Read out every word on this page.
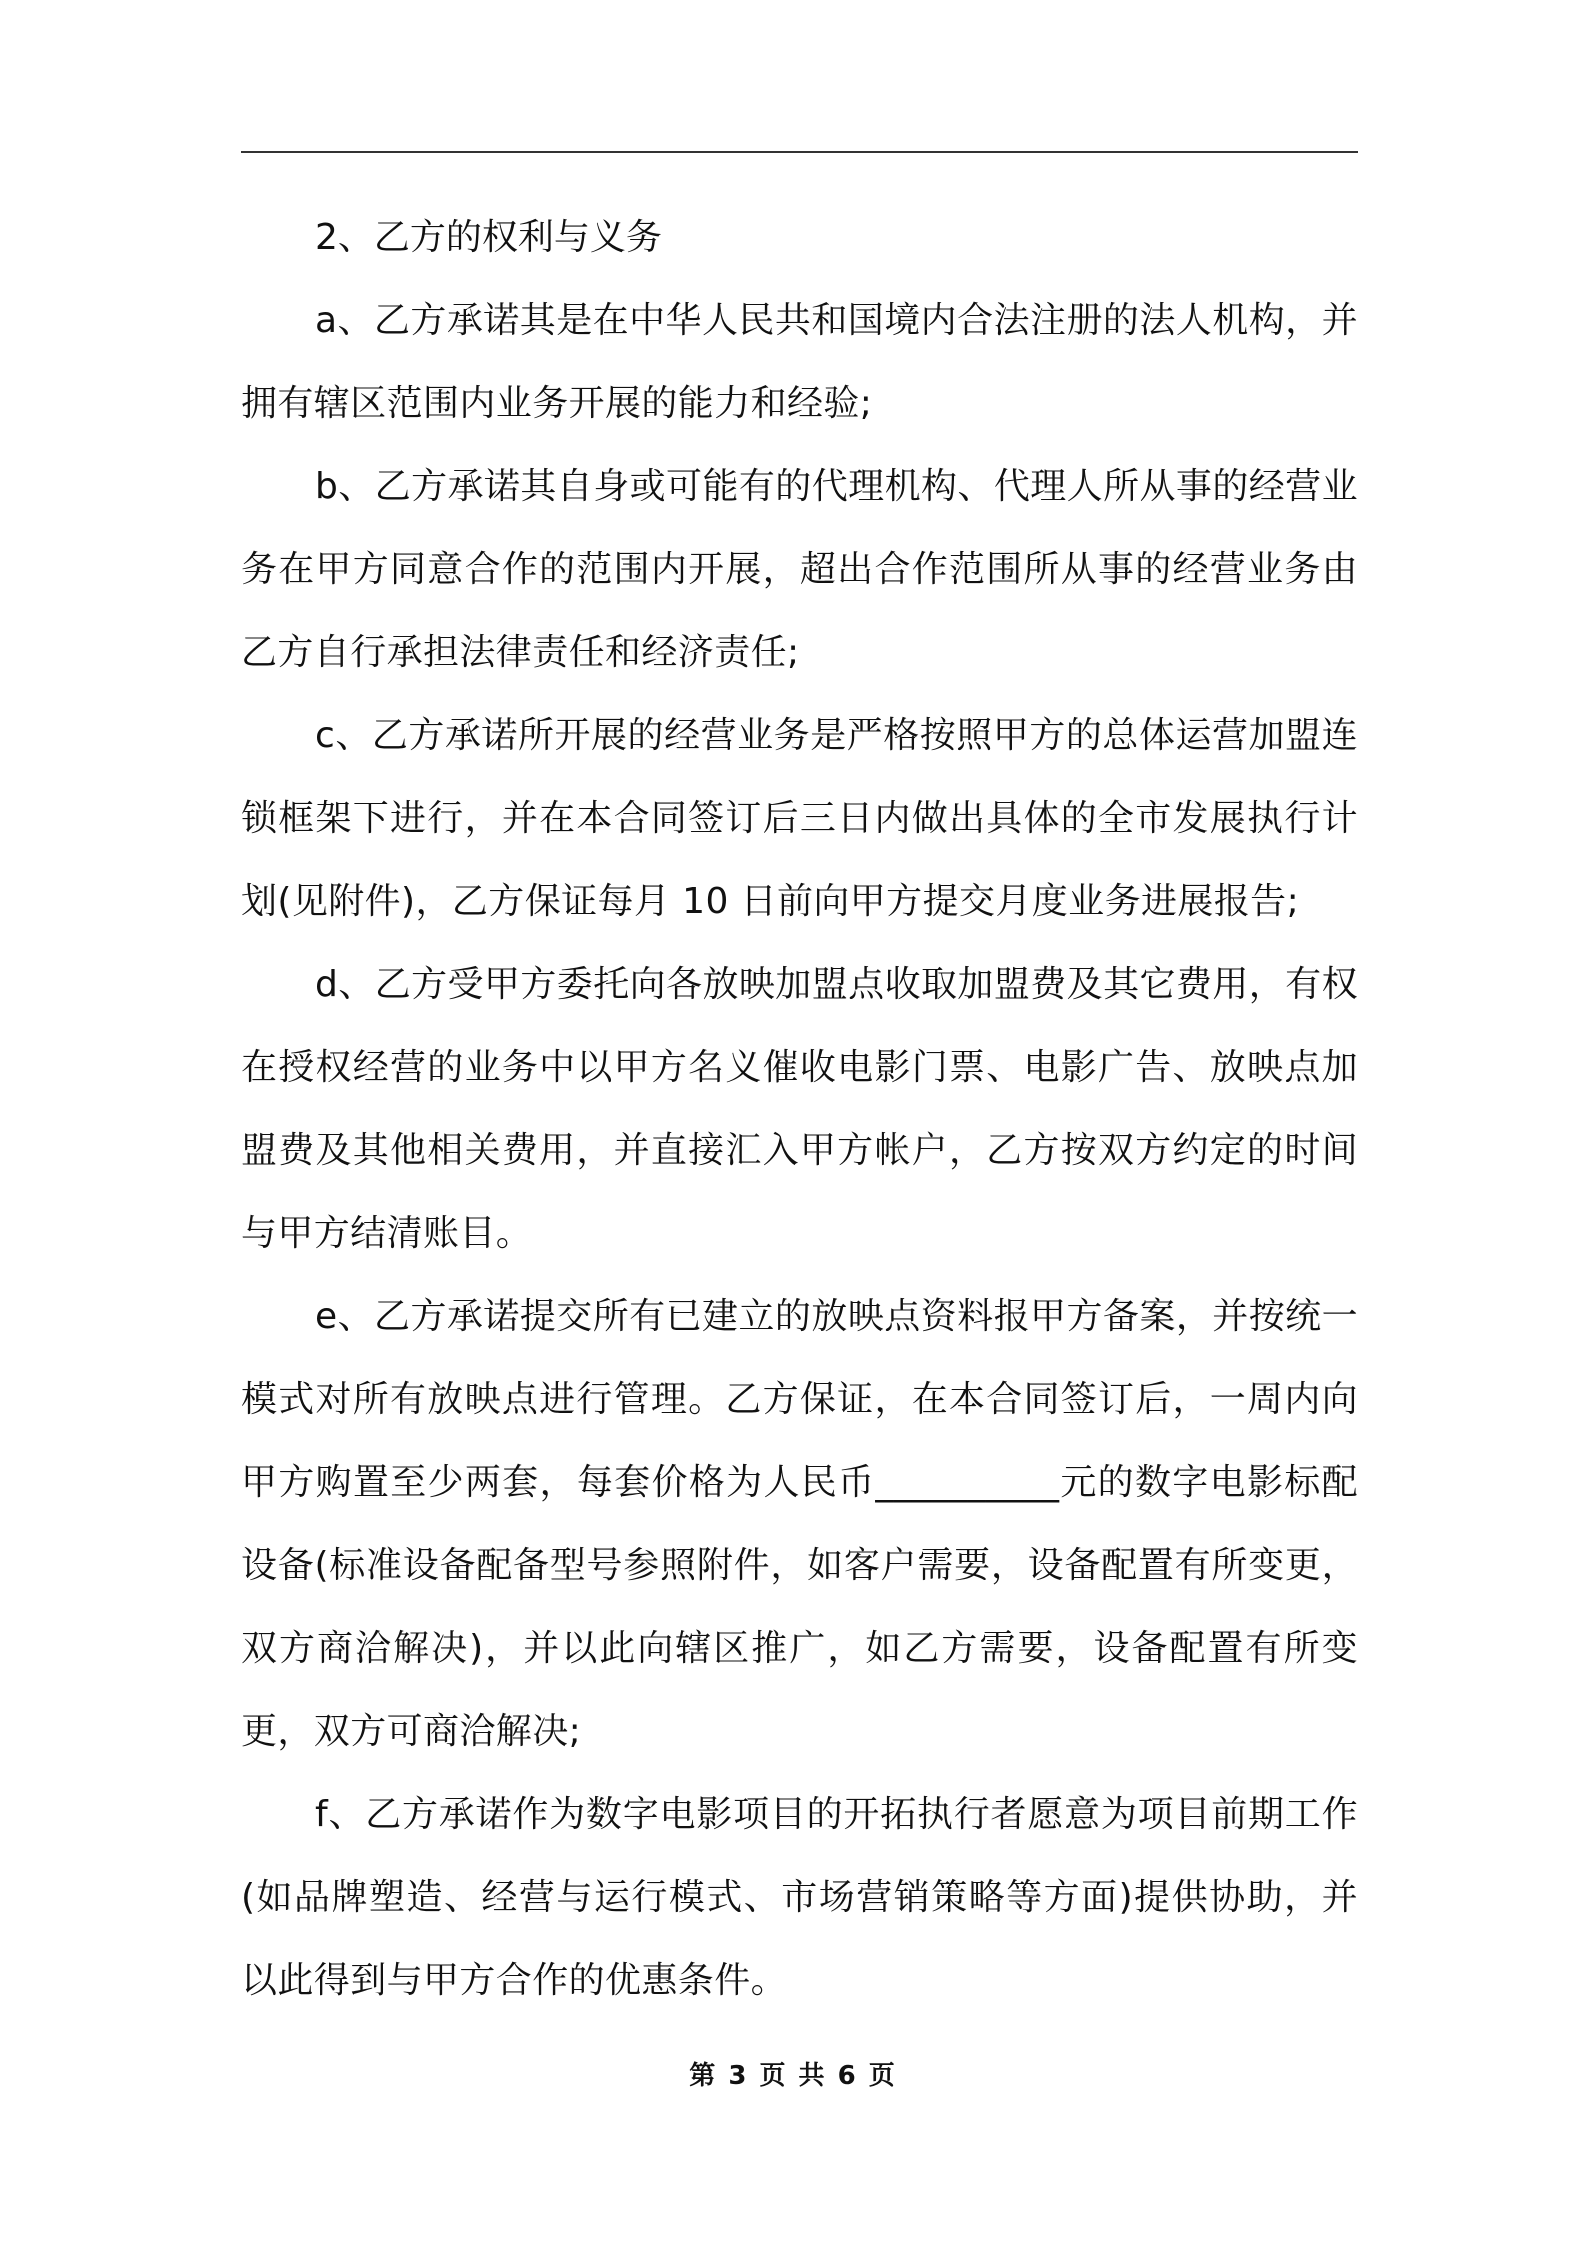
2、乙方的权利与义务

a、乙方承诺其是在中华人民共和国境内合法注册的法人机构，并拥有辖区范围内业务开展的能力和经验;

b、乙方承诺其自身或可能有的代理机构、代理人所从事的经营业务在甲方同意合作的范围内开展，超出合作范围所从事的经营业务由乙方自行承担法律责任和经济责任;

c、乙方承诺所开展的经营业务是严格按照甲方的总体运营加盟连锁框架下进行，并在本合同签订后三日内做出具体的全市发展执行计划(见附件)，乙方保证每月 10 日前向甲方提交月度业务进展报告;

d、乙方受甲方委托向各放映加盟点收取加盟费及其它费用，有权在授权经营的业务中以甲方名义催收电影门票、电影广告、放映点加盟费及其他相关费用，并直接汇入甲方帐户，乙方按双方约定的时间与甲方结清账目。

e、乙方承诺提交所有已建立的放映点资料报甲方备案，并按统一模式对所有放映点进行管理。乙方保证，在本合同签订后，一周内向甲方购置至少两套，每套价格为人民币__________元的数字电影标配设备(标准设备配备型号参照附件，如客户需要，设备配置有所变更，双方商洽解决)，并以此向辖区推广，如乙方需要，设备配置有所变更，双方可商洽解决;

f、乙方承诺作为数字电影项目的开拓执行者愿意为项目前期工作(如品牌塑造、经营与运行模式、市场营销策略等方面)提供协助，并以此得到与甲方合作的优惠条件。

第 3 页 共 6 页
